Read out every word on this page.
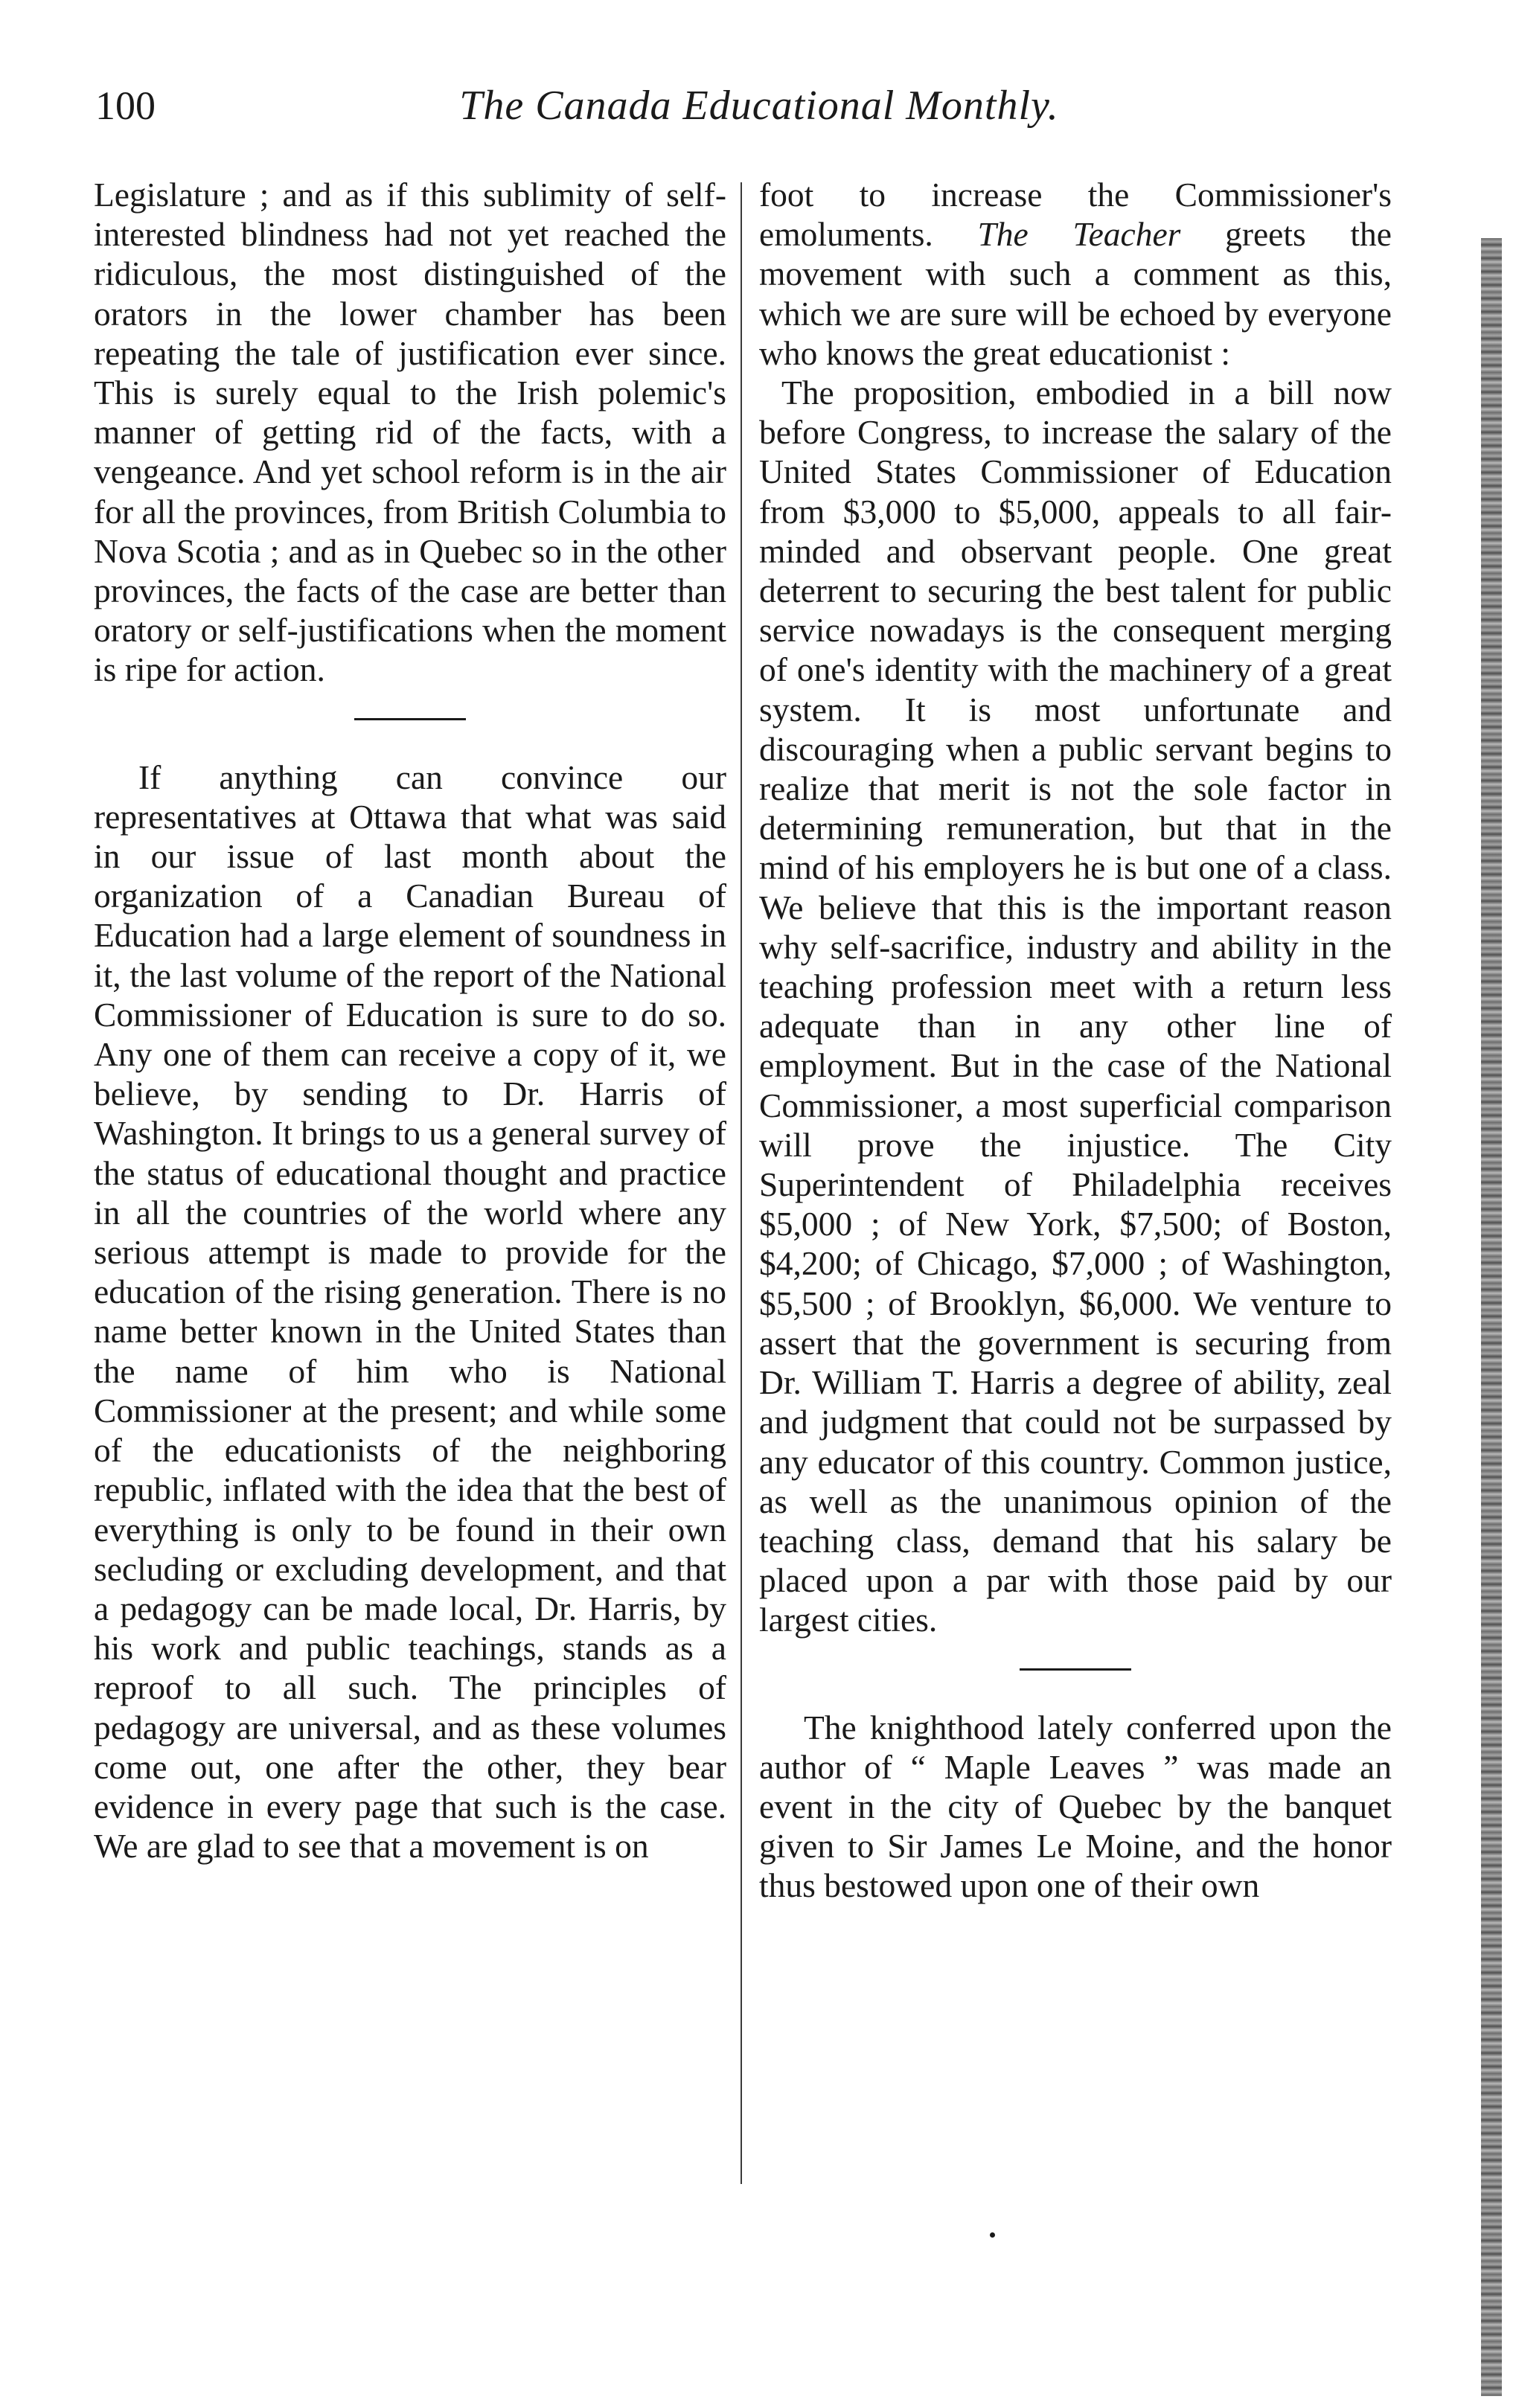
100	The Canada Educational Monthly.

Legislature ; and as if this sublimity of self-interested blindness had not yet reached the ridiculous, the most distinguished of the orators in the lower chamber has been repeating the tale of justification ever since. This is surely equal to the Irish polemic's manner of getting rid of the facts, with a vengeance. And yet school reform is in the air for all the provinces, from British Columbia to Nova Scotia ; and as in Quebec so in the other provinces, the facts of the case are better than oratory or self-justifications when the moment is ripe for action.

If anything can convince our representatives at Ottawa that what was said in our issue of last month about the organization of a Canadian Bureau of Education had a large element of soundness in it, the last volume of the report of the National Commissioner of Education is sure to do so. Any one of them can receive a copy of it, we believe, by sending to Dr. Harris of Washington. It brings to us a general survey of the status of educational thought and practice in all the countries of the world where any serious attempt is made to provide for the education of the rising generation. There is no name better known in the United States than the name of him who is National Commissioner at the present; and while some of the educationists of the neighboring republic, inflated with the idea that the best of everything is only to be found in their own secluding or excluding development, and that a pedagogy can be made local, Dr. Harris, by his work and public teachings, stands as a reproof to all such. The principles of pedagogy are universal, and as these volumes come out, one after the other, they bear evidence in every page that such is the case. We are glad to see that a movement is on

foot to increase the Commissioner's emoluments. The Teacher greets the movement with such a comment as this, which we are sure will be echoed by everyone who knows the great educationist :

The proposition, embodied in a bill now before Congress, to increase the salary of the United States Commissioner of Education from $3,000 to $5,000, appeals to all fair-minded and observant people. One great deterrent to securing the best talent for public service nowadays is the consequent merging of one's identity with the machinery of a great system. It is most unfortunate and discouraging when a public servant begins to realize that merit is not the sole factor in determining remuneration, but that in the mind of his employers he is but one of a class. We believe that this is the important reason why self-sacrifice, industry and ability in the teaching profession meet with a return less adequate than in any other line of employment. But in the case of the National Commissioner, a most superficial comparison will prove the injustice. The City Superintendent of Philadelphia receives $5,000 ; of New York, $7,500; of Boston, $4,200; of Chicago, $7,000 ; of Washington, $5,500 ; of Brooklyn, $6,000. We venture to assert that the government is securing from Dr. William T. Harris a degree of ability, zeal and judgment that could not be surpassed by any educator of this country. Common justice, as well as the unanimous opinion of the teaching class, demand that his salary be placed upon a par with those paid by our largest cities.

The knighthood lately conferred upon the author of “ Maple Leaves ” was made an event in the city of Quebec by the banquet given to Sir James Le Moine, and the honor thus bestowed upon one of their own
